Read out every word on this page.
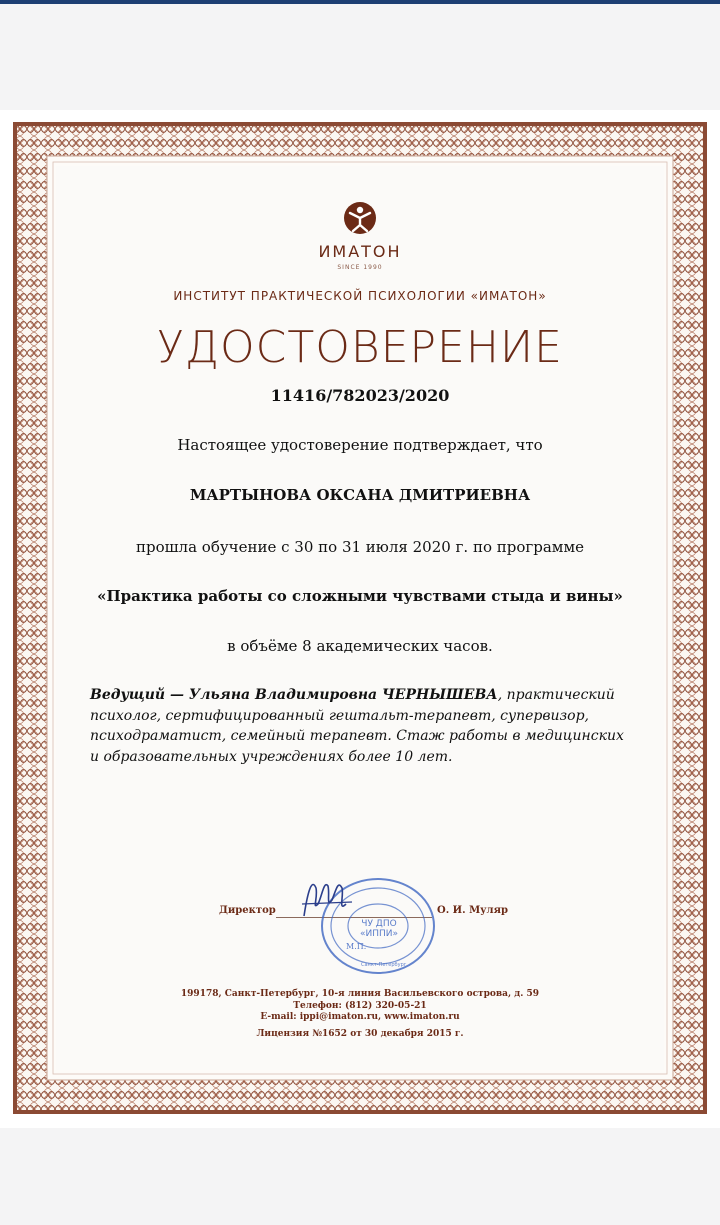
ИМАТОН
SINCE 1990
ИНСТИТУТ ПРАКТИЧЕСКОЙ ПСИХОЛОГИИ «ИМАТОН»
УДОСТОВЕРЕНИЕ
11416/782023/2020
Настоящее удостоверение подтверждает, что
МАРТЫНОВА ОКСАНА ДМИТРИЕВНА
прошла обучение с 30 по 31 июля 2020 г. по программе
«Практика работы со сложными чувствами стыда и вины»
в объёме 8 академических часов.
Ведущий — Ульяна Владимировна ЧЕРНЫШЕВА, практический психолог, сертифицированный гештальт-терапевт, супервизор, психодраматист, семейный терапевт. Стаж работы в медицинских и образовательных учреждениях более 10 лет.
Директор	О. И. Муляр
ЧУ ДПО «ИППИ»
М.П.
Санкт-Петербург
199178, Санкт-Петербург, 10-я линия Васильевского острова, д. 59
Телефон: (812) 320-05-21
E-mail: ippi@imaton.ru, www.imaton.ru
Лицензия №1652 от 30 декабря 2015 г.
